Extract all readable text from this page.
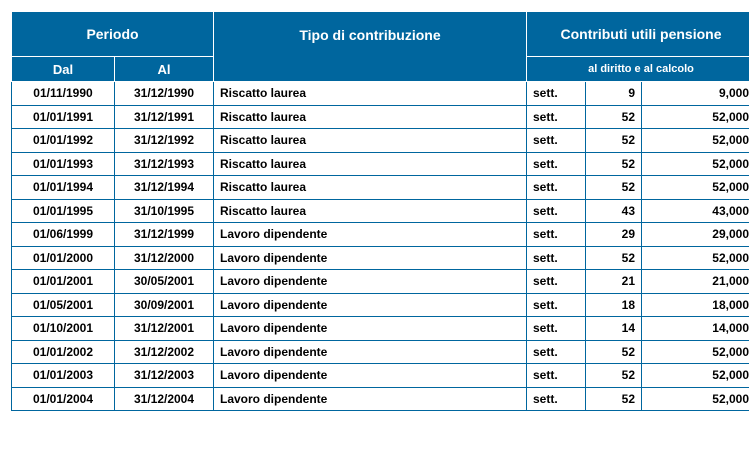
Periodo		Tipo di contribuzione	Contributi utili pensione		
Dal	Al		al diritto e al calcolo		
01/11/1990	31/12/1990	Riscatto laurea	sett.	9	9,000
01/01/1991	31/12/1991	Riscatto laurea	sett.	52	52,000
01/01/1992	31/12/1992	Riscatto laurea	sett.	52	52,000
01/01/1993	31/12/1993	Riscatto laurea	sett.	52	52,000
01/01/1994	31/12/1994	Riscatto laurea	sett.	52	52,000
01/01/1995	31/10/1995	Riscatto laurea	sett.	43	43,000
01/06/1999	31/12/1999	Lavoro dipendente	sett.	29	29,000
01/01/2000	31/12/2000	Lavoro dipendente	sett.	52	52,000
01/01/2001	30/05/2001	Lavoro dipendente	sett.	21	21,000
01/05/2001	30/09/2001	Lavoro dipendente	sett.	18	18,000
01/10/2001	31/12/2001	Lavoro dipendente	sett.	14	14,000
01/01/2002	31/12/2002	Lavoro dipendente	sett.	52	52,000
01/01/2003	31/12/2003	Lavoro dipendente	sett.	52	52,000
01/01/2004	31/12/2004	Lavoro dipendente	sett.	52	52,000
